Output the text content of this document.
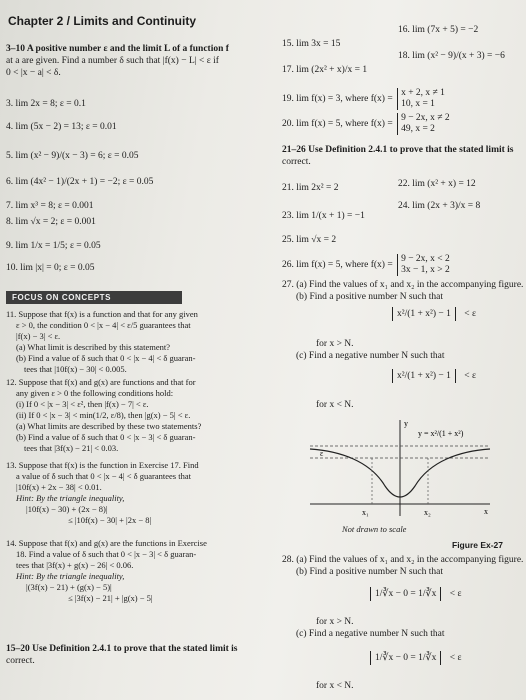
Chapter 2 / Limits and Continuity
3–10 A positive number ε and the limit L of a function f
at a are given. Find a number δ such that |f(x) − L| < ε if
0 < |x − a| < δ.
3. lim 2x = 8; ε = 0.1
4. lim (5x − 2) = 13; ε = 0.01
5. lim (x² − 9)/(x − 3) = 6; ε = 0.05
6. lim (4x² − 1)/(2x + 1) = −2; ε = 0.05
7. lim x³ = 8; ε = 0.001
8. lim √x = 2; ε = 0.001
9. lim 1/x = 1/5; ε = 0.05
10. lim |x| = 0; ε = 0.05
FOCUS ON CONCEPTS
11. Suppose that f(x) is a function and that for any given
ε > 0, the condition 0 < |x − 4| < ε/5 guarantees that
|f(x) − 3| < ε.
(a) What limit is described by this statement?
(b) Find a value of δ such that 0 < |x − 4| < δ guaran-
tees that |10f(x) − 30| < 0.005.
12. Suppose that f(x) and g(x) are functions and that for
any given ε > 0 the following conditions hold:
(i) If 0 < |x − 3| < ε², then |f(x) − 7| < ε.
(ii) If 0 < |x − 3| < min(1/2, ε/8), then |g(x) − 5| < ε.
(a) What limits are described by these two statements?
(b) Find a value of δ such that 0 < |x − 3| < δ guaran-
tees that |3f(x) − 21| < 0.03.
13. Suppose that f(x) is the function in Exercise 17. Find
a value of δ such that 0 < |x − 4| < δ guarantees that
|10f(x) + 2x − 38| < 0.01.
Hint: By the triangle inequality,
|10f(x) − 30) + (2x − 8)|
≤ |10f(x) − 30| + |2x − 8|
14. Suppose that f(x) and g(x) are the functions in Exercise
18. Find a value of δ such that 0 < |x − 3| < δ guaran-
tees that |3f(x) + g(x) − 26| < 0.06.
Hint: By the triangle inequality,
|(3f(x) − 21) + (g(x) − 5)|
≤ |3f(x) − 21| + |g(x) − 5|
15–20 Use Definition 2.4.1 to prove that the stated limit is
correct.
15. lim 3x = 15
16. lim (7x + 5) = −2
17. lim (2x² + x)/x = 1
18. lim (x² − 9)/(x + 3) = −6
19. lim f(x) = 3, where f(x) =
x + 2, x ≠ 1
10, x = 1
20. lim f(x) = 5, where f(x) =
9 − 2x, x ≠ 2
49, x = 2
21–26 Use Definition 2.4.1 to prove that the stated limit is
correct.
21. lim 2x² = 2	22. lim (x² + x) = 12
23. lim 1/(x + 1) = −1
24. lim (2x + 3)/x = 8
25. lim √x = 2
26. lim f(x) = 5, where f(x) =
9 − 2x, x < 2
3x − 1, x > 2
27. (a) Find the values of x₁ and x₂ in the accompanying figure.
(b) Find a positive number N such that
x²/(1 + x²) − 1 < ε
for x > N.
(c) Find a negative number N such that
x²/(1 + x²) − 1 < ε
for x < N.
x₁	x₂
ε
y
x
y = x²/(1 + x²)
Not drawn to scale
Figure Ex-27
28. (a) Find the values of x₁ and x₂ in the accompanying figure.
(b) Find a positive number N such that
1/∛x − 0 = 1/∛x < ε
for x > N.
(c) Find a negative number N such that
1/∛x − 0 = 1/∛x < ε
for x < N.
